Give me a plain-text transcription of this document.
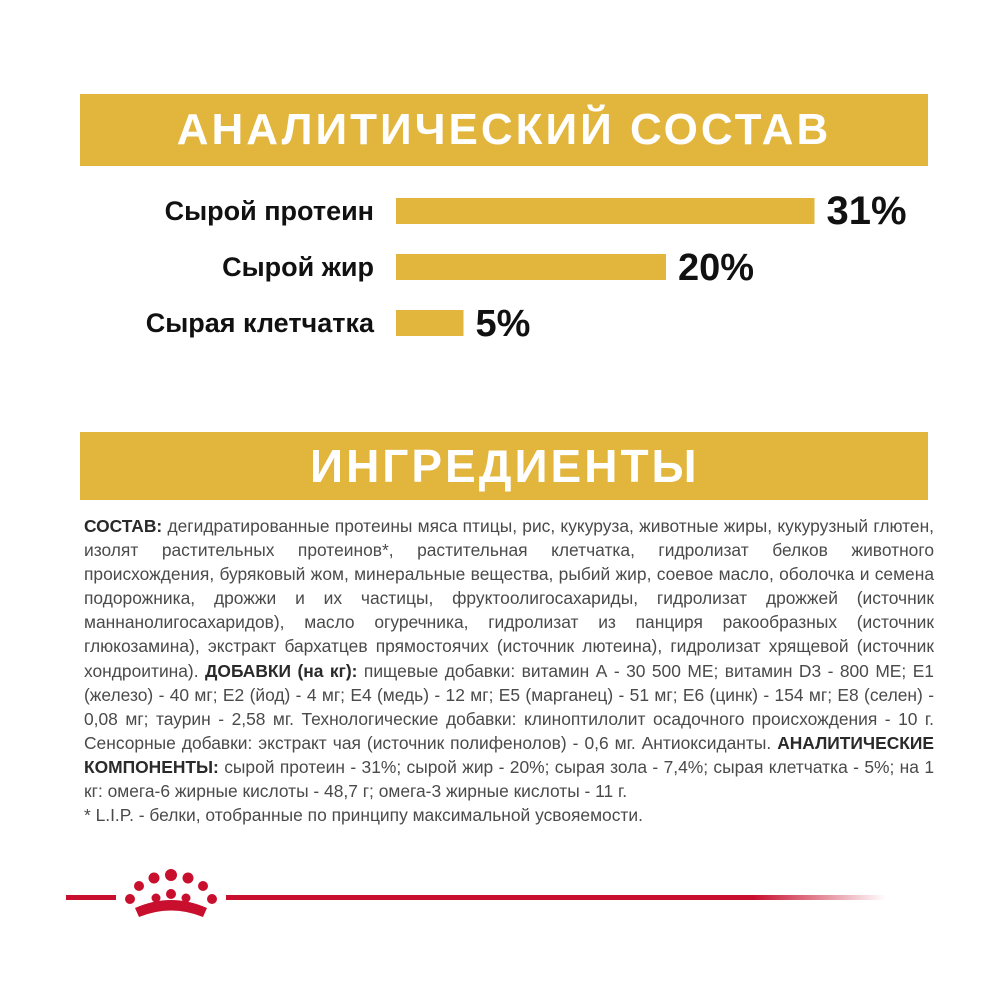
АНАЛИТИЧЕСКИЙ СОСТАВ
Сырой протеин	31%
Сырой жир	20%
Сырая клетчатка	5%
ИНГРЕДИЕНТЫ
СОСТАВ: дегидратированные протеины мяса птицы, рис, кукуруза, животные жиры, кукурузный глютен, изолят растительных протеинов*, растительная клетчатка, гидролизат белков животного происхождения, буряковый жом, минеральные вещества, рыбий жир, соевое масло, оболочка и семена подорожника, дрожжи и их частицы, фруктоолигосахариды, гидролизат дрожжей (источник маннанолигосахаридов), масло огуречника, гидролизат из панциря ракообразных (источник глюкозамина), экстракт бархатцев прямостоячих (источник лютеина), гидролизат хрящевой (источник хондроитина). ДОБАВКИ (на кг): пищевые добавки: витамин А - 30 500 МЕ; витамин D3 - 800 МЕ; Е1 (железо) - 40 мг; Е2 (йод) - 4 мг; Е4 (медь) - 12 мг; Е5 (марганец) - 51 мг; Е6 (цинк) - 154 мг; Е8 (селен) - 0,08 мг; таурин - 2,58 мг. Технологические добавки: клиноптилолит осадочного происхождения - 10 г. Сенсорные добавки: экстракт чая (источник полифенолов) - 0,6 мг. Антиоксиданты. АНАЛИТИЧЕСКИЕ КОМПОНЕНТЫ: сырой протеин - 31%; сырой жир - 20%; сырая зола - 7,4%; сырая клетчатка - 5%; на 1 кг: омега-6 жирные кислоты - 48,7 г; омега-3 жирные кислоты - 11 г.
* L.I.P. - белки, отобранные по принципу максимальной усвояемости.
